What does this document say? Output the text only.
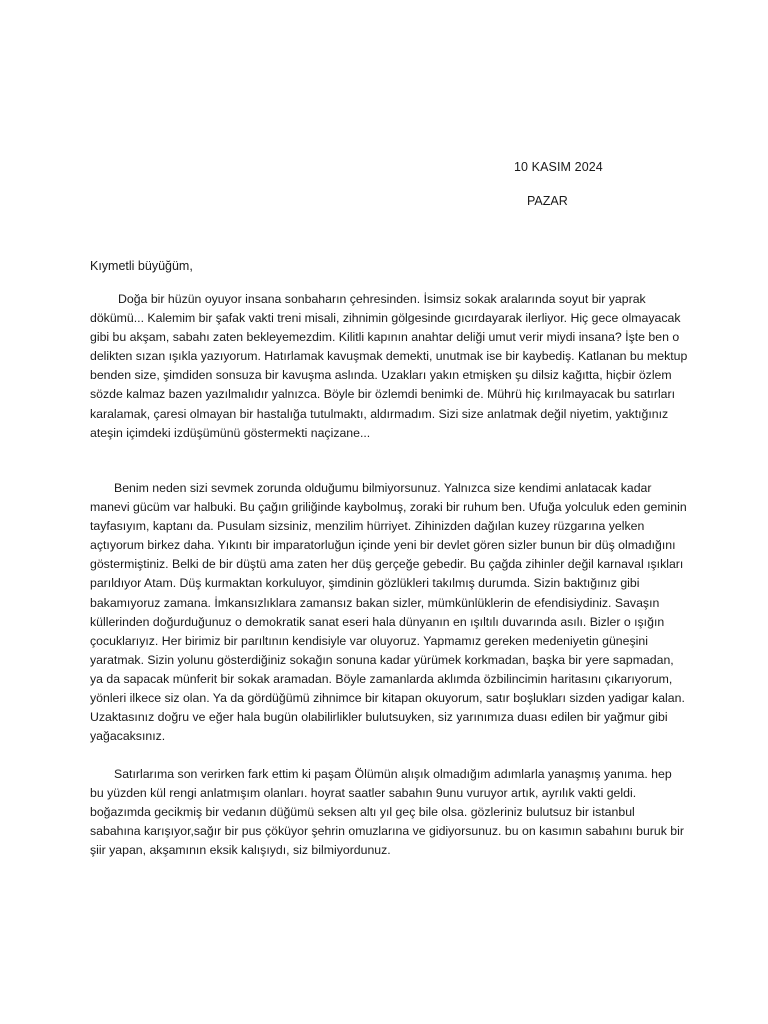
10 KASIM 2024
PAZAR
Kıymetli büyüğüm,

Doğa bir hüzün oyuyor insana sonbaharın çehresinden. İsimsiz sokak aralarında soyut bir yaprak dökümü... Kalemim bir şafak vakti treni misali, zihnimin gölgesinde gıcırdayarak ilerliyor. Hiç gece olmayacak gibi bu akşam, sabahı zaten bekleyemezdim. Kilitli kapının anahtar deliği umut verir miydi insana? İşte ben o delikten sızan ışıkla yazıyorum. Hatırlamak kavuşmak demekti, unutmak ise bir kaybediş. Katlanan bu mektup benden size, şimdiden sonsuza bir kavuşma aslında. Uzakları yakın etmişken şu dilsiz kağıtta, hiçbir özlem sözde kalmaz bazen yazılmalıdır yalnızca. Böyle bir özlemdi benimki de. Mührü hiç kırılmayacak bu satırları karalamak, çaresi olmayan bir hastalığa tutulmaktı, aldırmadım. Sizi size anlatmak değil niyetim, yaktığınız ateşin içimdeki izdüşümünü göstermekti naçizane...

Benim neden sizi sevmek zorunda olduğumu bilmiyorsunuz. Yalnızca size kendimi anlatacak kadar manevi gücüm var halbuki. Bu çağın griliğinde kaybolmuş, zoraki bir ruhum ben. Ufuğa yolculuk eden geminin tayfasıyım, kaptanı da. Pusulam sizsiniz, menzilim hürriyet. Zihinizden dağılan kuzey rüzgarına yelken açtıyorum birkez daha. Yıkıntı bir imparatorluğun içinde yeni bir devlet gören sizler bunun bir düş olmadığını göstermiştiniz. Belki de bir düştü ama zaten her düş gerçeğe gebedir. Bu çağda zihinler değil karnaval ışıkları parıldıyor Atam. Düş kurmaktan korkuluyor, şimdinin gözlükleri takılmış durumda. Sizin baktığınız gibi bakamıyoruz zamana. İmkansızlıklara zamansız bakan sizler, mümkünlüklerin de efendisiydiniz. Savaşın küllerinden doğurduğunuz o demokratik sanat eseri hala dünyanın en ışıltılı duvarında asılı. Bizler o ışığın çocuklarıyız. Her birimiz bir parıltının kendisiyle var oluyoruz. Yapmamız gereken medeniyetin güneşini yaratmak. Sizin yolunu gösterdiğiniz sokağın sonuna kadar yürümek korkmadan, başka bir yere sapmadan, ya da sapacak münferit bir sokak aramadan. Böyle zamanlarda aklımda özbilincimin haritasını çıkarıyorum, yönleri ilkece siz olan. Ya da gördüğümü zihnimce bir kitapan okuyorum, satır boşlukları sizden yadigar kalan. Uzaktasınız doğru ve eğer hala bugün olabilirlikler bulutsuyken, siz yarınımıza duası edilen bir yağmur gibi yağacaksınız.

Satırlarıma son verirken fark ettim ki paşam Ölümün alışık olmadığım adımlarla yanaşmış yanıma. hep bu yüzden kül rengi anlatmışım olanları. hoyrat saatler sabahın 9unu vuruyor artık, ayrılık vakti geldi. boğazımda gecikmiş bir vedanın düğümü seksen altı yıl geç bile olsa. gözleriniz bulutsuz bir istanbul sabahına karışıyor,sağır bir pus çöküyor şehrin omuzlarına ve gidiyorsunuz. bu on kasımın sabahını buruk bir şiir yapan, akşamının eksik kalışıydı, siz bilmiyordunuz.
